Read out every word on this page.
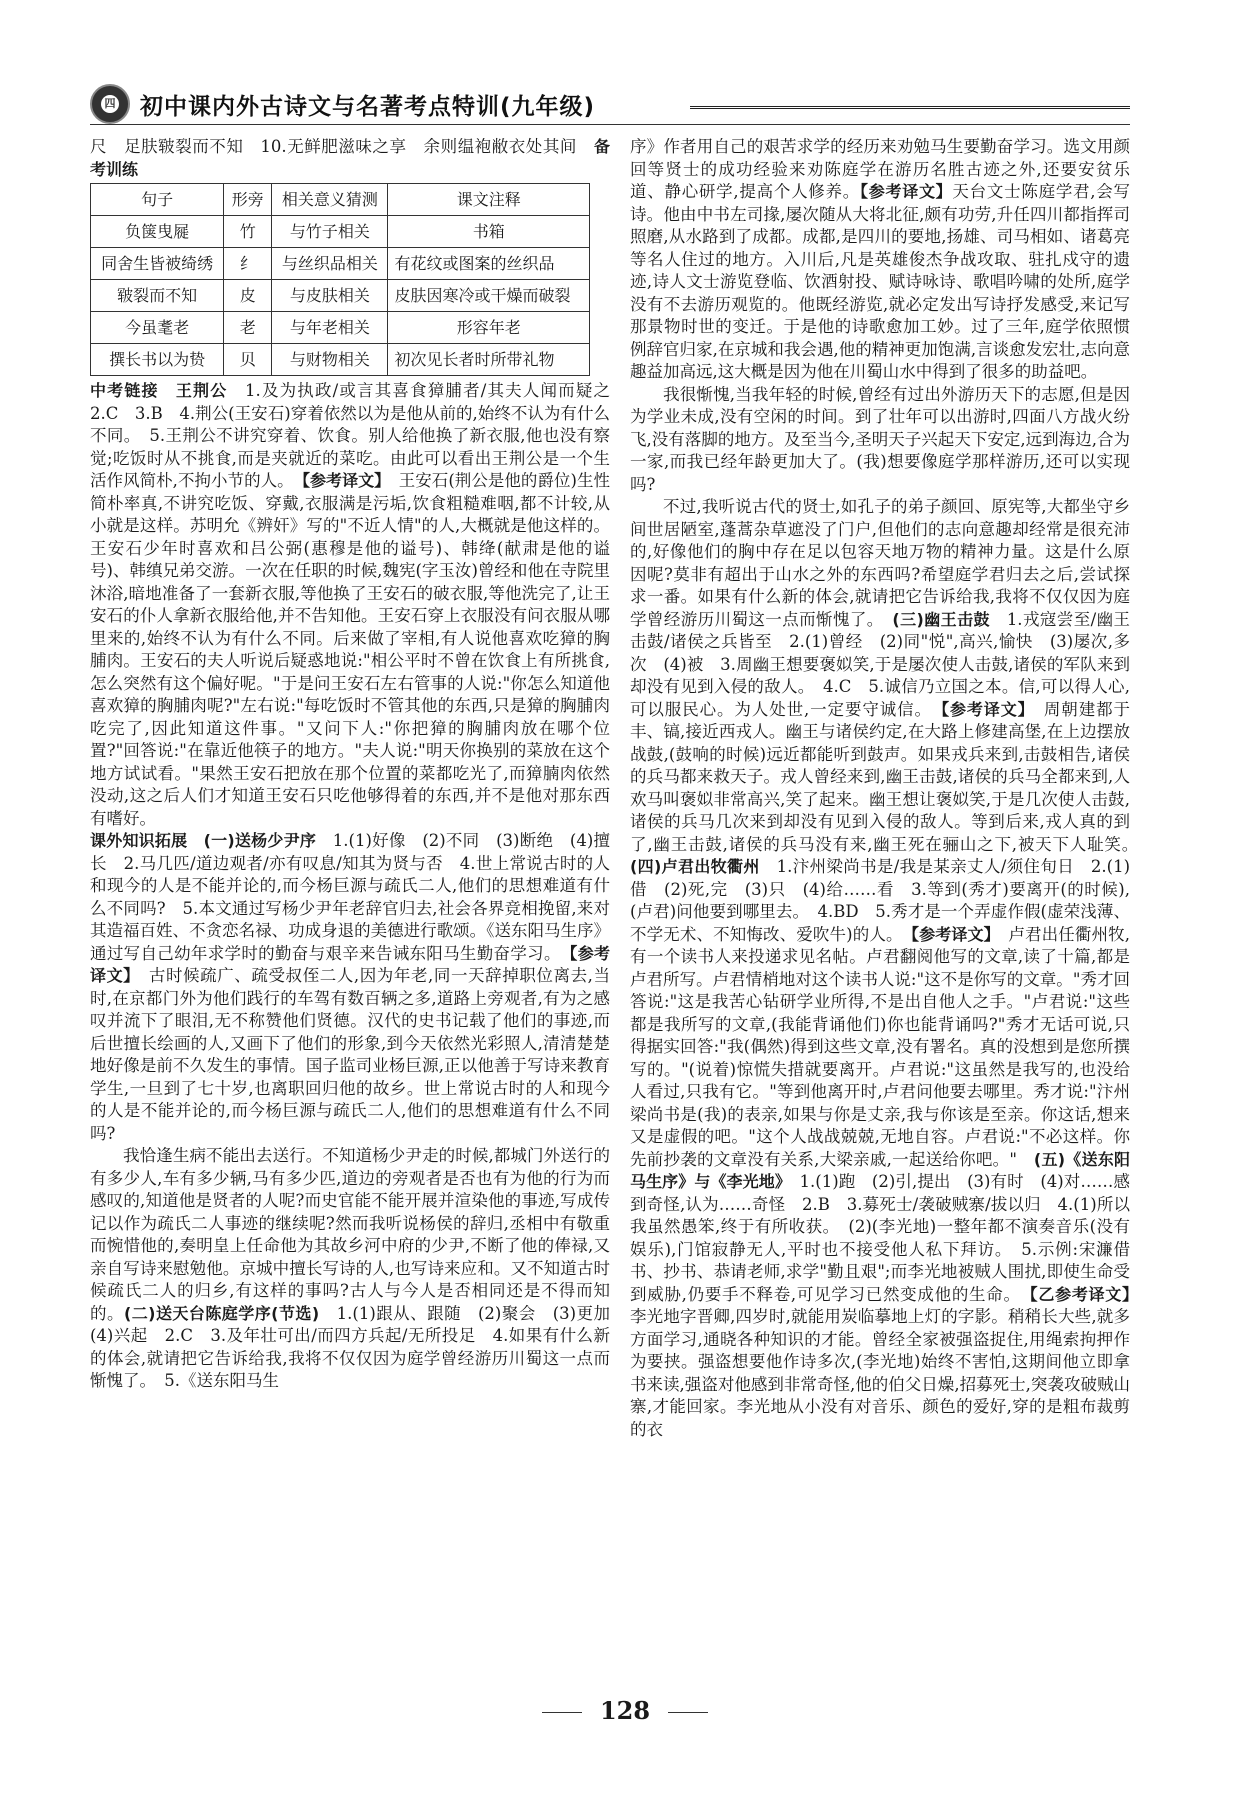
四 初中课内外古诗文与名著考点特训(九年级)

尺　足肤皲裂而不知　10.无鲜肥滋味之享　余则缊袍敝衣处其间　 备考训练

句子	形旁	相关意义猜测	课文注释
负箧曳屣	竹	与竹子相关	书箱
同舍生皆被绮绣	纟	与丝织品相关	有花纹或图案的丝织品
皲裂而不知	皮	与皮肤相关	皮肤因寒冷或干燥而破裂
今虽耄老	老	与年老相关	形容年老
撰长书以为贽	贝	与财物相关	初次见长者时所带礼物

中考链接　王荆公　 1.及为执政/或言其喜食獐脯者/其夫人闻而疑之　2.C　3.B　4.荆公(王安石)穿着依然以为是他从前的,始终不认为有什么不同。　5.王荆公不讲究穿着、饮食。别人给他换了新衣服,他也没有察觉;吃饭时从不挑食,而是夹就近的菜吃。由此可以看出王荆公是一个生活作风简朴,不拘小节的人。　 【参考译文】　 王安石(荆公是他的爵位)生性简朴率真,不讲究吃饭、穿戴,衣服满是污垢,饮食粗糙难咽,都不计较,从小就是这样。苏明允《辨奸》写的"不近人情"的人,大概就是他这样的。王安石少年时喜欢和吕公弼(惠穆是他的谥号)、韩绛(献肃是他的谥号)、韩缜兄弟交游。一次在任职的时候,魏宪(字玉汝)曾经和他在寺院里沐浴,暗地准备了一套新衣服,等他换了王安石的破衣服,等他洗完了,让王安石的仆人拿新衣服给他,并不告知他。王安石穿上衣服没有问衣服从哪里来的,始终不认为有什么不同。后来做了宰相,有人说他喜欢吃獐的胸脯肉。王安石的夫人听说后疑惑地说:"相公平时不曾在饮食上有所挑食,怎么突然有这个偏好呢。"于是问王安石左右管事的人说:"你怎么知道他喜欢獐的胸脯肉呢?"左右说:"每吃饭时不管其他的东西,只是獐的胸脯肉吃完了,因此知道这件事。"又问下人:"你把獐的胸脯肉放在哪个位置?"回答说:"在靠近他筷子的地方。"夫人说:"明天你换别的菜放在这个地方试试看。"果然王安石把放在那个位置的菜都吃光了,而獐腩肉依然没动,这之后人们才知道王安石只吃他够得着的东西,并不是他对那东西有嗜好。

课外知识拓展　(一)送杨少尹序　 1.(1)好像　(2)不同　(3)断绝　(4)擅长　2.马几匹/道边观者/亦有叹息/知其为贤与否　4.世上常说古时的人和现今的人是不能并论的,而今杨巨源与疏氏二人,他们的思想难道有什么不同吗?　5.本文通过写杨少尹年老辞官归去,社会各界竞相挽留,来对其造福百姓、不贪恋名禄、功成身退的美德进行歌颂。《送东阳马生序》通过写自己幼年求学时的勤奋与艰辛来告诫东阳马生勤奋学习。　 【参考译文】　 古时候疏广、疏受叔侄二人,因为年老,同一天辞掉职位离去,当时,在京都门外为他们践行的车驾有数百辆之多,道路上旁观者,有为之感叹并流下了眼泪,无不称赞他们贤德。汉代的史书记载了他们的事迹,而后世擅长绘画的人,又画下了他们的形象,到今天依然光彩照人,清清楚楚地好像是前不久发生的事情。国子监司业杨巨源,正以他善于写诗来教育学生,一旦到了七十岁,也离职回归他的故乡。世上常说古时的人和现今的人是不能并论的,而今杨巨源与疏氏二人,他们的思想难道有什么不同吗?

我恰逢生病不能出去送行。不知道杨少尹走的时候,都城门外送行的有多少人,车有多少辆,马有多少匹,道边的旁观者是否也有为他的行为而感叹的,知道他是贤者的人呢?而史官能不能开展并渲染他的事迹,写成传记以作为疏氏二人事迹的继续呢?然而我听说杨侯的辞归,丞相中有敬重而惋惜他的,奏明皇上任命他为其故乡河中府的少尹,不断了他的俸禄,又亲自写诗来慰勉他。京城中擅长写诗的人,也写诗来应和。又不知道古时候疏氏二人的归乡,有这样的事吗?古人与今人是否相同还是不得而知的。(二)送天台陈庭学序(节选)　 1.(1)跟从、跟随　(2)聚会　(3)更加　(4)兴起　2.C　3.及年壮可出/而四方兵起/无所投足　4.如果有什么新的体会,就请把它告诉给我,我将不仅仅因为庭学曾经游历川蜀这一点而惭愧了。　5.《送东阳马生

序》作者用自己的艰苦求学的经历来劝勉马生要勤奋学习。选文用颜回等贤士的成功经验来劝陈庭学在游历名胜古迹之外,还要安贫乐道、静心研学,提高个人修养。【参考译文】天台文士陈庭学君,会写诗。他由中书左司掾,屡次随从大将北征,颇有功劳,升任四川都指挥司照磨,从水路到了成都。成都,是四川的要地,扬雄、司马相如、诸葛亮等名人住过的地方。入川后,凡是英雄俊杰争战攻取、驻扎戍守的遗迹,诗人文士游览登临、饮酒射投、赋诗咏诗、歌唱吟啸的处所,庭学没有不去游历观览的。他既经游览,就必定发出写诗抒发感受,来记写那景物时世的变迁。于是他的诗歌愈加工妙。过了三年,庭学依照惯例辞官归家,在京城和我会遇,他的精神更加饱满,言谈愈发宏壮,志向意趣益加高远,这大概是因为他在川蜀山水中得到了很多的助益吧。

我很惭愧,当我年轻的时候,曾经有过出外游历天下的志愿,但是因为学业未成,没有空闲的时间。到了壮年可以出游时,四面八方战火纷飞,没有落脚的地方。及至当今,圣明天子兴起天下安定,远到海边,合为一家,而我已经年龄更加大了。(我)想要像庭学那样游历,还可以实现吗?

不过,我听说古代的贤士,如孔子的弟子颜回、原宪等,大都坐守乡间世居陋室,蓬蒿杂草遮没了门户,但他们的志向意趣却经常是很充沛的,好像他们的胸中存在足以包容天地万物的精神力量。这是什么原因呢?莫非有超出于山水之外的东西吗?希望庭学君归去之后,尝试探求一番。如果有什么新的体会,就请把它告诉给我,我将不仅仅因为庭学曾经游历川蜀这一点而惭愧了。　 (三)幽王击鼓　 1.戎寇尝至/幽王击鼓/诸侯之兵皆至　2.(1)曾经　(2)同"悦",高兴,愉快　(3)屡次,多次　(4)被　3.周幽王想要褒姒笑,于是屡次使人击鼓,诸侯的军队来到却没有见到入侵的敌人。　4.C　5.诚信乃立国之本。信,可以得人心,可以服民心。为人处世,一定要守诚信。　 【参考译文】　 周朝建都于丰、镐,接近西戎人。幽王与诸侯约定,在大路上修建高堡,在上边摆放战鼓,(鼓响的时候)远近都能听到鼓声。如果戎兵来到,击鼓相告,诸侯的兵马都来救天子。戎人曾经来到,幽王击鼓,诸侯的兵马全都来到,人欢马叫褒姒非常高兴,笑了起来。幽王想让褒姒笑,于是几次使人击鼓,诸侯的兵马几次来到却没有见到入侵的敌人。等到后来,戎人真的到了,幽王击鼓,诸侯的兵马没有来,幽王死在骊山之下,被天下人耻笑。　(四)卢君出牧衢州　 1.汴州梁尚书是/我是某亲丈人/须住旬日　2.(1)借　(2)死,完　(3)只　(4)给……看　3.等到(秀才)要离开(的时候),(卢君)问他要到哪里去。　4.BD　5.秀才是一个弄虚作假(虚荣浅薄、不学无术、不知悔改、爱吹牛)的人。　 【参考译文】　 卢君出任衢州牧,有一个读书人来投递求见名帖。卢君翻阅他写的文章,读了十篇,都是卢君所写。卢君情梢地对这个读书人说:"这不是你写的文章。"秀才回答说:"这是我苦心钻研学业所得,不是出自他人之手。"卢君说:"这些都是我所写的文章,(我能背诵他们)你也能背诵吗?"秀才无话可说,只得据实回答:"我(偶然)得到这些文章,没有署名。真的没想到是您所撰写的。"(说着)惊慌失措就要离开。卢君说:"这虽然是我写的,也没给人看过,只我有它。"等到他离开时,卢君问他要去哪里。秀才说:"汴州梁尚书是(我)的表亲,如果与你是丈亲,我与你该是至亲。你这话,想来又是虚假的吧。"这个人战战兢兢,无地自容。卢君说:"不必这样。你先前抄袭的文章没有关系,大梁亲戚,一起送给你吧。"　 (五)《送东阳马生序》与《李光地》　 1.(1)跑　(2)引,提出　(3)有时　(4)对……感到奇怪,认为……奇怪　2.B　3.募死士/袭破贼寨/拔以归　4.(1)所以我虽然愚笨,终于有所收获。　(2)(李光地)一整年都不演奏音乐(没有娱乐),门馆寂静无人,平时也不接受他人私下拜访。　5.示例:宋濂借书、抄书、恭请老师,求学"勤且艰";而李光地被贼人围扰,即使生命受到威胁,仍要手不释卷,可见学习已然变成他的生命。　 【乙参考译文】　李光地字晋卿,四岁时,就能用炭临摹地上灯的字影。稍稍长大些,就多方面学习,通晓各种知识的才能。曾经全家被强盗捉住,用绳索拘押作为要挟。强盗想要他作诗多次,(李光地)始终不害怕,这期间他立即拿书来读,强盗对他感到非常奇怪,他的伯父日燥,招募死士,突袭攻破贼山寨,才能回家。李光地从小没有对音乐、颜色的爱好,穿的是粗布裁剪的衣

128
